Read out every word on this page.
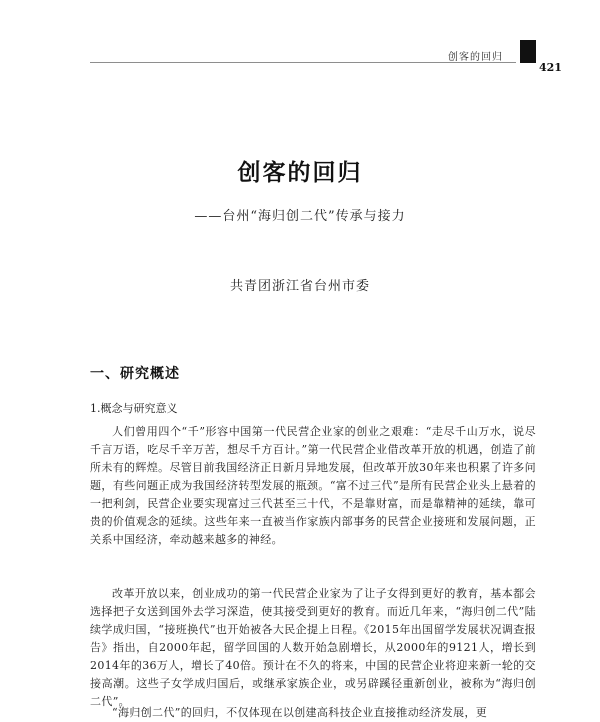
创客的回归
421
创客的回归
——台州“海归创二代”传承与接力
共青团浙江省台州市委
一、研究概述
1.概念与研究意义

人们曾用四个“千”形容中国第一代民营企业家的创业之艰难：“走尽千山万水，说尽千言万语，吃尽千辛万苦，想尽千方百计。”第一代民营企业借改革开放的机遇，创造了前所未有的辉煌。尽管目前我国经济正日新月异地发展，但改革开放30年来也积累了许多问题，有些问题正成为我国经济转型发展的瓶颈。“富不过三代”是所有民营企业头上悬着的一把利剑，民营企业要实现富过三代甚至三十代，不是靠财富，而是靠精神的延续，靠可贵的价值观念的延续。这些年来一直被当作家族内部事务的民营企业接班和发展问题，正关系中国经济，牵动越来越多的神经。

改革开放以来，创业成功的第一代民营企业家为了让子女得到更好的教育，基本都会选择把子女送到国外去学习深造，使其接受到更好的教育。而近几年来，“海归创二代”陆续学成归国，“接班换代”也开始被各大民企提上日程。《2015年出国留学发展状况调查报告》指出，自2000年起，留学回国的人数开始急剧增长，从2000年的9121人，增长到2014年的36万人，增长了40倍。预计在不久的将来，中国的民营企业将迎来新一轮的交接高潮。这些子女学成归国后，或继承家族企业，或另辟蹊径重新创业，被称为“海归创二代”。

“海归创二代”的回归，不仅体现在以创建高科技企业直接推动经济发展，更
